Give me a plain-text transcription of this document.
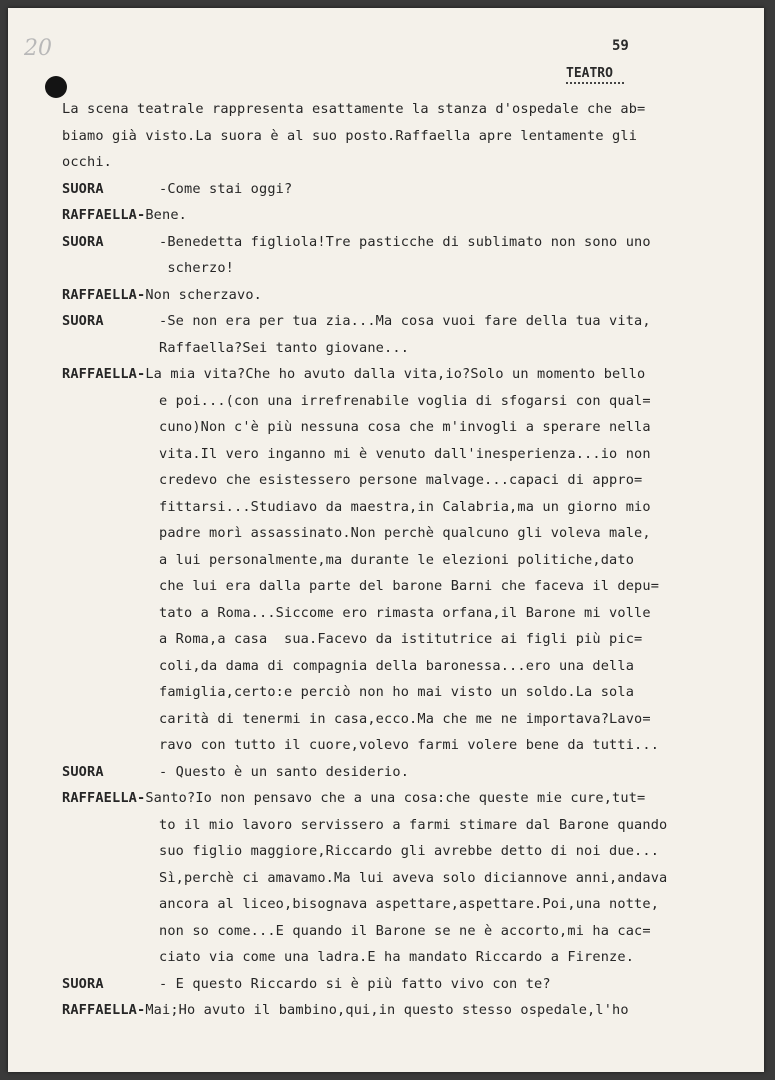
20	59
TEATRO
La scena teatrale rappresenta esattamente la stanza d'ospedale che ab=
biamo già visto.La suora è al suo posto.Raffaella apre lentamente gli
occhi.
SUORA	-Come stai oggi?
RAFFAELLA-Bene.
SUORA	-Benedetta figliola!Tre pasticche di sublimato non sono uno
scherzo!
RAFFAELLA-Non scherzavo.
SUORA	-Se non era per tua zia...Ma cosa vuoi fare della tua vita,
Raffaella?Sei tanto giovane...
RAFFAELLA-La mia vita?Che ho avuto dalla vita,io?Solo un momento bello
e poi...(con una irrefrenabile voglia di sfogarsi con qual=
cuno)Non c'è più nessuna cosa che m'invogli a sperare nella
vita.Il vero inganno mi è venuto dall'inesperienza...io non
credevo che esistessero persone malvage...capaci di appro=
fittarsi...Studiavo da maestra,in Calabria,ma un giorno mio
padre morì assassinato.Non perchè qualcuno gli voleva male,
a lui personalmente,ma durante le elezioni politiche,dato
che lui era dalla parte del barone Barni che faceva il depu=
tato a Roma...Siccome ero rimasta orfana,il Barone mi volle
a Roma,a casa  sua.Facevo da istitutrice ai figli più pic=
coli,da dama di compagnia della baronessa...ero una della
famiglia,certo:e perciò non ho mai visto un soldo.La sola
carità di tenermi in casa,ecco.Ma che me ne importava?Lavo=
ravo con tutto il cuore,volevo farmi volere bene da tutti...
SUORA	- Questo è un santo desiderio.
RAFFAELLA-Santo?Io non pensavo che a una cosa:che queste mie cure,tut=
to il mio lavoro servissero a farmi stimare dal Barone quando
suo figlio maggiore,Riccardo gli avrebbe detto di noi due...
Sì,perchè ci amavamo.Ma lui aveva solo diciannove anni,andava
ancora al liceo,bisognava aspettare,aspettare.Poi,una notte,
non so come...E quando il Barone se ne è accorto,mi ha cac=
ciato via come una ladra.E ha mandato Riccardo a Firenze.
SUORA	- E questo Riccardo si è più fatto vivo con te?
RAFFAELLA-Mai;Ho avuto il bambino,qui,in questo stesso ospedale,l'ho
